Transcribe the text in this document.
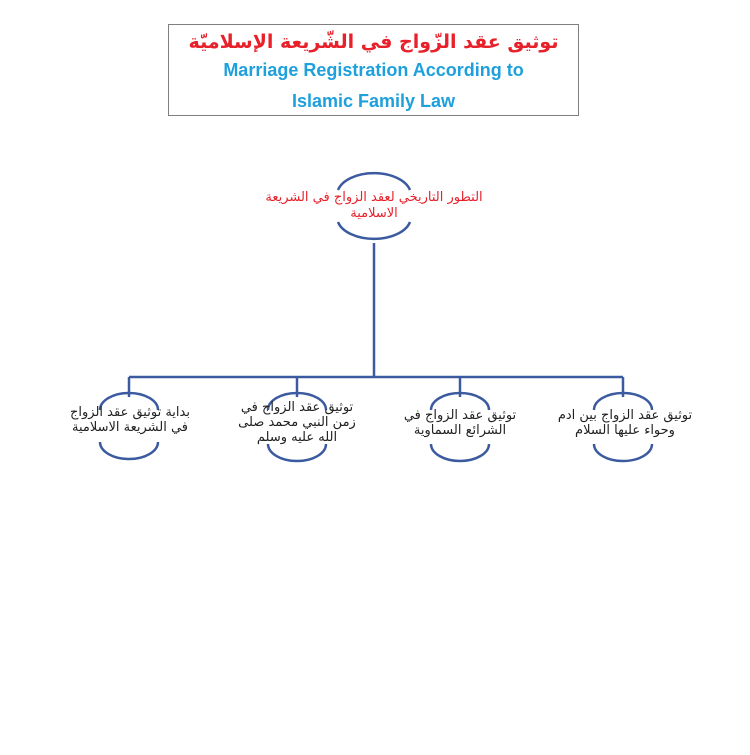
توثيق عقد الزّواج في الشّريعة الإسلاميّة
Marriage Registration According to
Islamic Family Law
التطور التاريخي لعقد الزواج في الشريعة الاسلامية
بداية توثيق عقد الزواج في الشريعة الاسلامية
توثيق عقد الزواج في زمن النبي محمد صلى الله عليه وسلم
توثيق عقد الزواج في الشرائع السماوية
توثيق عقد الزواج بين ادم وحواء عليها السلام
